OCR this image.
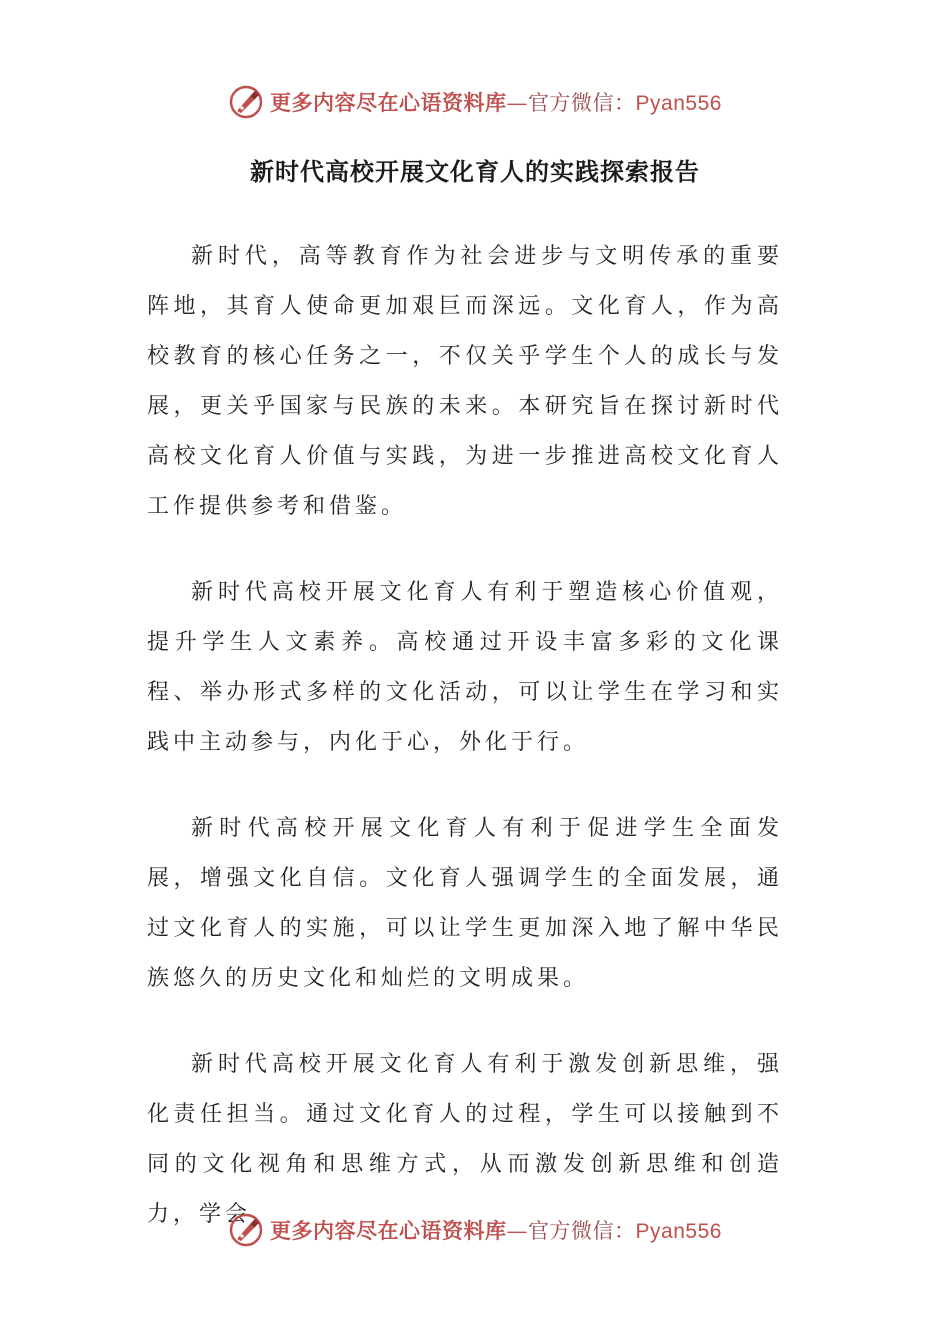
更多内容尽在心语资料库—官方微信：Pyan556
新时代高校开展文化育人的实践探索报告

新时代，高等教育作为社会进步与文明传承的重要阵地，其育人使命更加艰巨而深远。文化育人，作为高校教育的核心任务之一，不仅关乎学生个人的成长与发展，更关乎国家与民族的未来。本研究旨在探讨新时代高校文化育人价值与实践，为进一步推进高校文化育人工作提供参考和借鉴。

新时代高校开展文化育人有利于塑造核心价值观，提升学生人文素养。高校通过开设丰富多彩的文化课程、举办形式多样的文化活动，可以让学生在学习和实践中主动参与，内化于心，外化于行。

新时代高校开展文化育人有利于促进学生全面发展，增强文化自信。文化育人强调学生的全面发展，通过文化育人的实施，可以让学生更加深入地了解中华民族悠久的历史文化和灿烂的文明成果。

新时代高校开展文化育人有利于激发创新思维，强化责任担当。通过文化育人的过程，学生可以接触到不同的文化视角和思维方式，从而激发创新思维和创造力，学会

更多内容尽在心语资料库—官方微信：Pyan556
